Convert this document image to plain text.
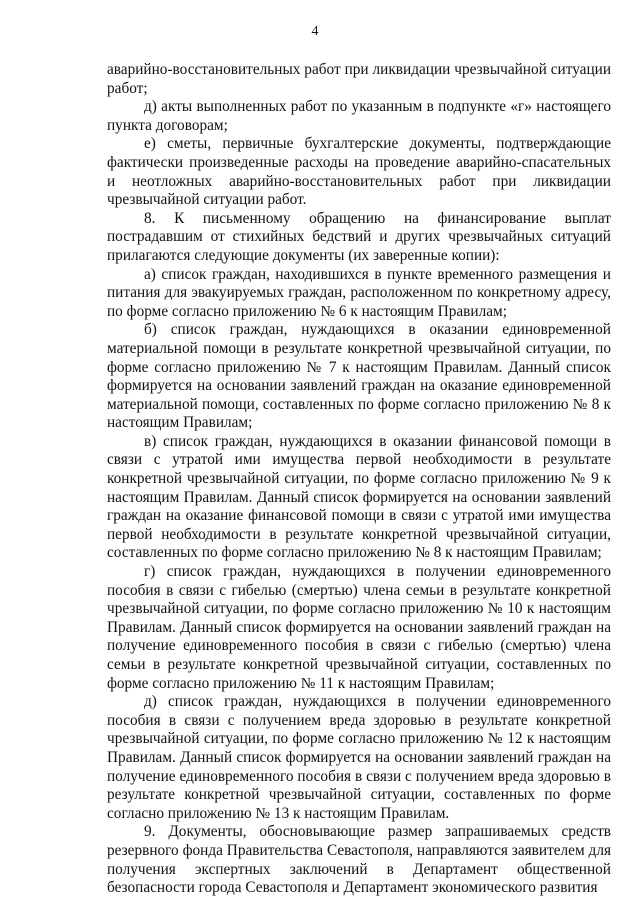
4

аварийно-восстановительных работ при ликвидации чрезвычайной ситуации работ;

д) акты выполненных работ по указанным в подпункте «г» настоящего пункта договорам;

е) сметы, первичные бухгалтерские документы, подтверждающие фактически произведенные расходы на проведение аварийно-спасательных и неотложных аварийно-восстановительных работ при ликвидации чрезвычайной ситуации работ.

8. К письменному обращению на финансирование выплат пострадавшим от стихийных бедствий и других чрезвычайных ситуаций прилагаются следующие документы (их заверенные копии):

а) список граждан, находившихся в пункте временного размещения и питания для эвакуируемых граждан, расположенном по конкретному адресу, по форме согласно приложению № 6 к настоящим Правилам;

б) список граждан, нуждающихся в оказании единовременной материальной помощи в результате конкретной чрезвычайной ситуации, по форме согласно приложению № 7 к настоящим Правилам. Данный список формируется на основании заявлений граждан на оказание единовременной материальной помощи, составленных по форме согласно приложению № 8 к настоящим Правилам;

в) список граждан, нуждающихся в оказании финансовой помощи в связи с утратой ими имущества первой необходимости в результате конкретной чрезвычайной ситуации, по форме согласно приложению № 9 к настоящим Правилам. Данный список формируется на основании заявлений граждан на оказание финансовой помощи в связи с утратой ими имущества первой необходимости в результате конкретной чрезвычайной ситуации, составленных по форме согласно приложению № 8 к настоящим Правилам;

г) список граждан, нуждающихся в получении единовременного пособия в связи с гибелью (смертью) члена семьи в результате конкретной чрезвычайной ситуации, по форме согласно приложению № 10 к настоящим Правилам. Данный список формируется на основании заявлений граждан на получение единовременного пособия в связи с гибелью (смертью) члена семьи в результате конкретной чрезвычайной ситуации, составленных по форме согласно приложению № 11 к настоящим Правилам;

д) список граждан, нуждающихся в получении единовременного пособия в связи с получением вреда здоровью в результате конкретной чрезвычайной ситуации, по форме согласно приложению № 12 к настоящим Правилам. Данный список формируется на основании заявлений граждан на получение единовременного пособия в связи с получением вреда здоровью в результате конкретной чрезвычайной ситуации, составленных по форме согласно приложению № 13 к настоящим Правилам.

9. Документы, обосновывающие размер запрашиваемых средств резервного фонда Правительства Севастополя, направляются заявителем для получения экспертных заключений в Департамент общественной безопасности города Севастополя и Департамент экономического развития
